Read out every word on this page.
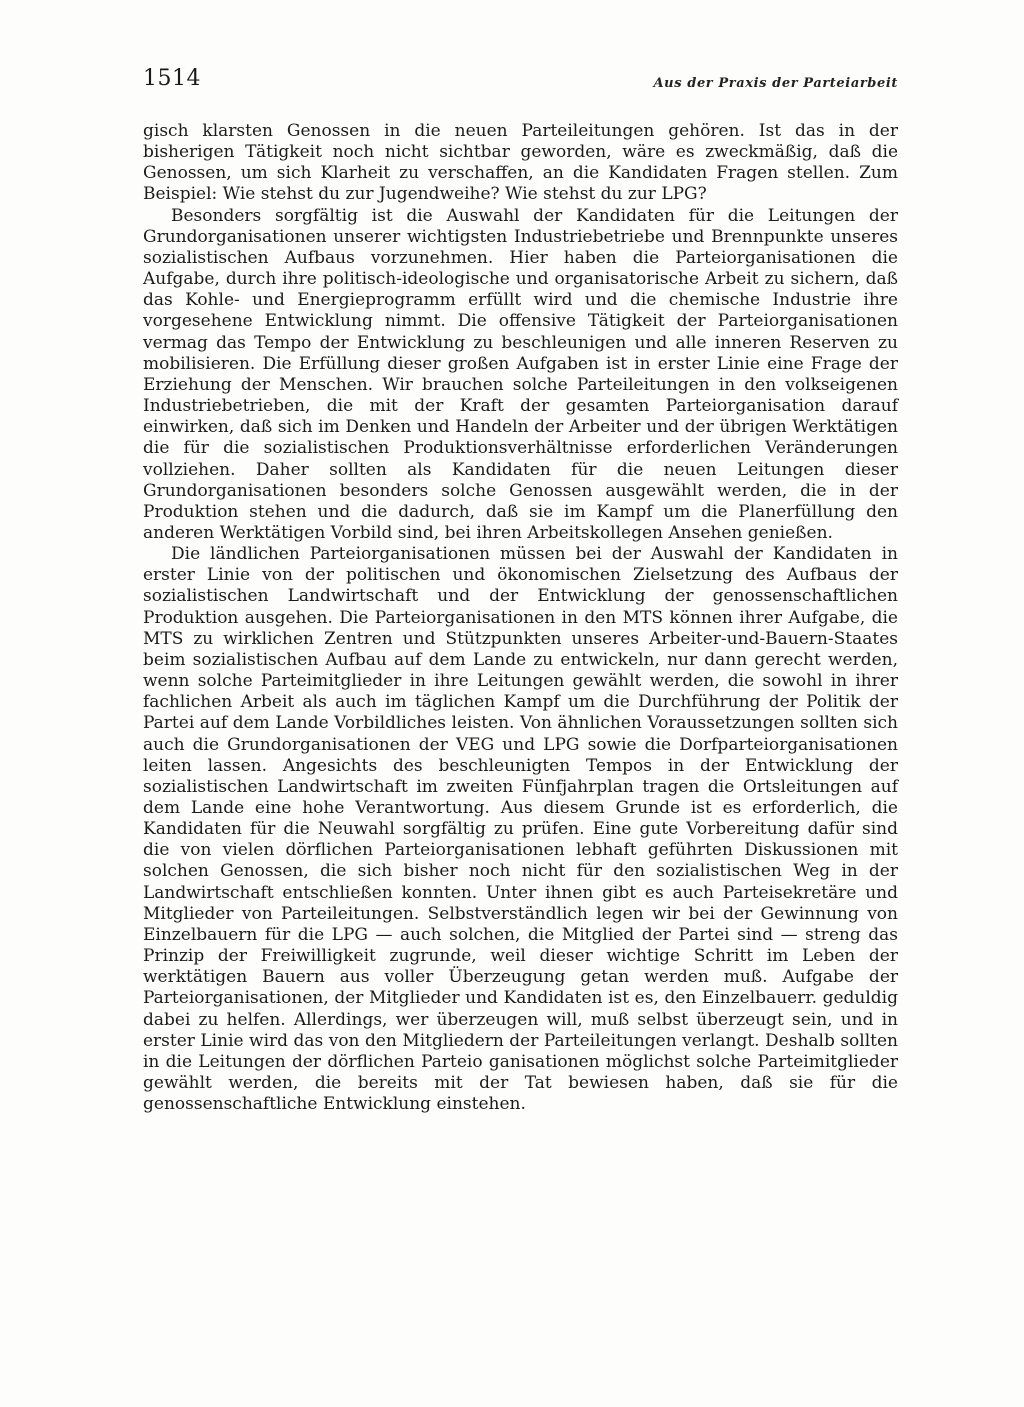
1514	Aus der Praxis der Parteiarbeit

gisch klarsten Genossen in die neuen Parteileitungen gehören. Ist das in der bisherigen Tätigkeit noch nicht sichtbar geworden, wäre es zweckmäßig, daß die Genossen, um sich Klarheit zu verschaffen, an die Kandidaten Fragen stellen. Zum Beispiel: Wie stehst du zur Jugendweihe? Wie stehst du zur LPG?

Besonders sorgfältig ist die Auswahl der Kandidaten für die Leitungen der Grundorganisationen unserer wichtigsten Industriebetriebe und Brennpunkte unseres sozialistischen Aufbaus vorzunehmen. Hier haben die Parteiorganisationen die Aufgabe, durch ihre politisch-ideologische und organisatorische Arbeit zu sichern, daß das Kohle- und Energieprogramm erfüllt wird und die chemische Industrie ihre vorgesehene Entwicklung nimmt. Die offensive Tätigkeit der Parteiorganisationen vermag das Tempo der Entwicklung zu beschleunigen und alle inneren Reserven zu mobilisieren. Die Erfüllung dieser großen Aufgaben ist in erster Linie eine Frage der Erziehung der Menschen. Wir brauchen solche Parteileitungen in den volkseigenen Industriebetrieben, die mit der Kraft der gesamten Parteiorganisation darauf einwirken, daß sich im Denken und Handeln der Arbeiter und der übrigen Werktätigen die für die sozialistischen Produktionsverhältnisse erforderlichen Veränderungen vollziehen. Daher sollten als Kandidaten für die neuen Leitungen dieser Grundorganisationen besonders solche Genossen ausgewählt werden, die in der Produktion stehen und die dadurch, daß sie im Kampf um die Planerfüllung den anderen Werktätigen Vorbild sind, bei ihren Arbeitskollegen Ansehen genießen.

Die ländlichen Parteiorganisationen müssen bei der Auswahl der Kandidaten in erster Linie von der politischen und ökonomischen Zielsetzung des Aufbaus der sozialistischen Landwirtschaft und der Entwicklung der genossenschaftlichen Produktion ausgehen. Die Parteiorganisationen in den MTS können ihrer Aufgabe, die MTS zu wirklichen Zentren und Stützpunkten unseres Arbeiter-und-Bauern-Staates beim sozialistischen Aufbau auf dem Lande zu entwickeln, nur dann gerecht werden, wenn solche Parteimitglieder in ihre Leitungen gewählt werden, die sowohl in ihrer fachlichen Arbeit als auch im täglichen Kampf um die Durchführung der Politik der Partei auf dem Lande Vorbildliches leisten. Von ähnlichen Voraussetzungen sollten sich auch die Grundorganisationen der VEG und LPG sowie die Dorfparteiorganisationen leiten lassen. Angesichts des beschleunigten Tempos in der Entwicklung der sozialistischen Landwirtschaft im zweiten Fünfjahrplan tragen die Ortsleitungen auf dem Lande eine hohe Verantwortung. Aus diesem Grunde ist es erforderlich, die Kandidaten für die Neuwahl sorgfältig zu prüfen. Eine gute Vorbereitung dafür sind die von vielen dörflichen Parteiorganisationen lebhaft geführten Diskussionen mit solchen Genossen, die sich bisher noch nicht für den sozialistischen Weg in der Landwirtschaft entschließen konnten. Unter ihnen gibt es auch Parteisekretäre und Mitglieder von Parteileitungen. Selbstverständlich legen wir bei der Gewinnung von Einzelbauern für die LPG — auch solchen, die Mitglied der Partei sind — streng das Prinzip der Freiwilligkeit zugrunde, weil dieser wichtige Schritt im Leben der werktätigen Bauern aus voller Überzeugung getan werden muß. Aufgabe der Parteiorganisationen, der Mitglieder und Kandidaten ist es, den Einzelbauerr. geduldig dabei zu helfen. Allerdings, wer überzeugen will, muß selbst überzeugt sein, und in erster Linie wird das von den Mitgliedern der Parteileitungen verlangt. Deshalb sollten in die Leitungen der dörflichen Parteio ganisationen möglichst solche Parteimitglieder gewählt werden, die bereits mit der Tat bewiesen haben, daß sie für die genossenschaftliche Entwicklung einstehen.
